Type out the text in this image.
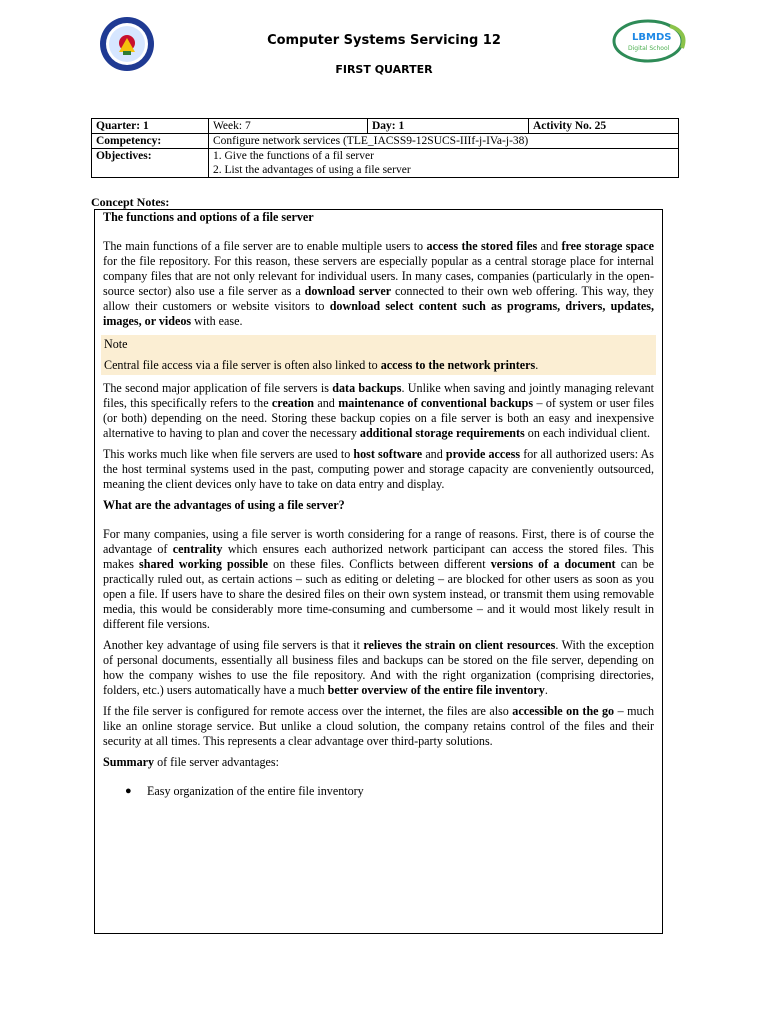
Computer Systems Servicing 12
FIRST QUARTER
LBMDS
Digital School
Quarter: 1	Week: 7	Day: 1	Activity No. 25
Competency:	Configure network services (TLE_IACSS9-12SUCS-IIIf-j-IVa-j-38)		
Objectives:	1. Give the functions of a fil server		
	2. List the advantages of using a file server		
Concept Notes:

The functions and options of a file server

The main functions of a file server are to enable multiple users to access the stored files and free storage space for the file repository. For this reason, these servers are especially popular as a central storage place for internal company files that are not only relevant for individual users. In many cases, companies (particularly in the open-source sector) also use a file server as a download server connected to their own web offering. This way, they allow their customers or website visitors to download select content such as programs, drivers, updates, images, or videos with ease.

Note

Central file access via a file server is often also linked to access to the network printers.

The second major application of file servers is data backups. Unlike when saving and jointly managing relevant files, this specifically refers to the creation and maintenance of conventional backups – of system or user files (or both) depending on the need. Storing these backup copies on a file server is both an easy and inexpensive alternative to having to plan and cover the necessary additional storage requirements on each individual client.

This works much like when file servers are used to host software and provide access for all authorized users: As the host terminal systems used in the past, computing power and storage capacity are conveniently outsourced, meaning the client devices only have to take on data entry and display.

What are the advantages of using a file server?

For many companies, using a file server is worth considering for a range of reasons. First, there is of course the advantage of centrality which ensures each authorized network participant can access the stored files. This makes shared working possible on these files. Conflicts between different versions of a document can be practically ruled out, as certain actions – such as editing or deleting – are blocked for other users as soon as you open a file. If users have to share the desired files on their own system instead, or transmit them using removable media, this would be considerably more time-consuming and cumbersome – and it would most likely result in different file versions.

Another key advantage of using file servers is that it relieves the strain on client resources. With the exception of personal documents, essentially all business files and backups can be stored on the file server, depending on how the company wishes to use the file repository. And with the right organization (comprising directories, folders, etc.) users automatically have a much better overview of the entire file inventory.

If the file server is configured for remote access over the internet, the files are also accessible on the go – much like an online storage service. But unlike a cloud solution, the company retains control of the files and their security at all times. This represents a clear advantage over third-party solutions.

Summary of file server advantages:

●	Easy organization of the entire file inventory
